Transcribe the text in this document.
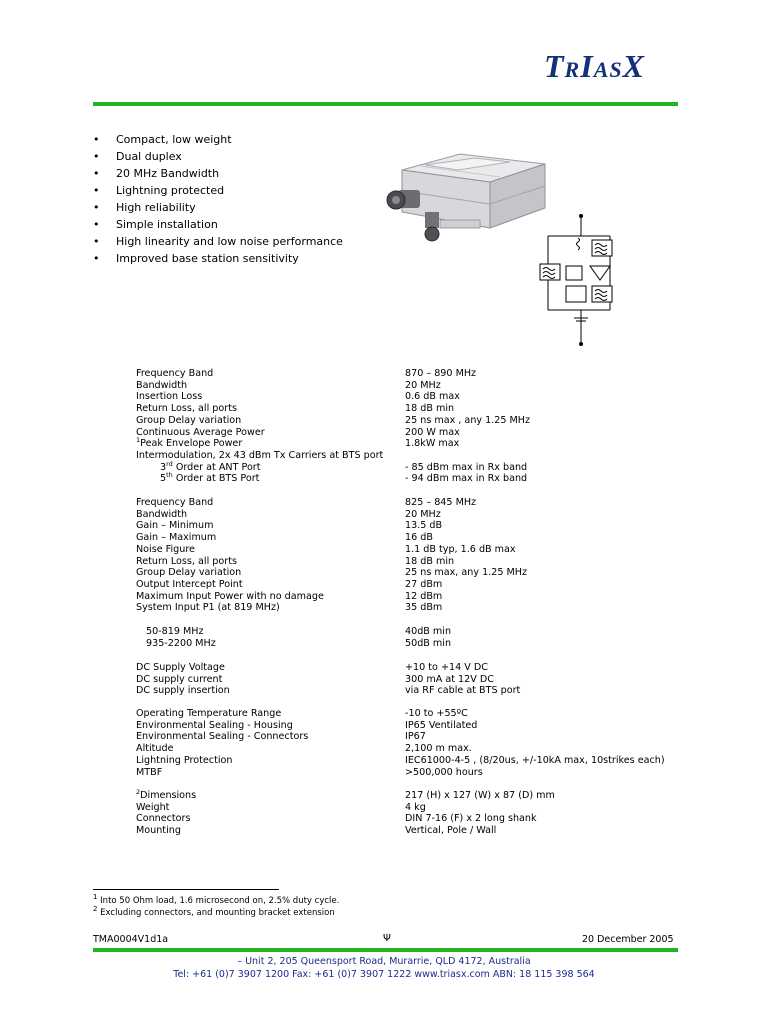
TRIASX
• Compact, low weight
• Dual duplex
• 20 MHz Bandwidth
• Lightning protected
• High reliability
• Simple installation
• High linearity and low noise performance
• Improved base station sensitivity
Frequency Band	870 – 890 MHz
Bandwidth	20 MHz
Insertion Loss	0.6 dB max
Return Loss, all ports	18 dB min
Group Delay variation	25 ns max , any 1.25 MHz
Continuous Average Power	200 W max
$^1$Peak Envelope Power	1.8kW max
Intermodulation, 2x 43 dBm Tx Carriers at BTS port
3rd Order at ANT Port	- 85 dBm max in Rx band
5th Order at BTS Port	- 94 dBm max in Rx band
Frequency Band	825 – 845 MHz
Bandwidth	20 MHz
Gain – Minimum	13.5 dB
Gain – Maximum	16 dB
Noise Figure	1.1 dB typ, 1.6 dB max
Return Loss, all ports	18 dB min
Group Delay variation	25 ns max, any 1.25 MHz
Output Intercept Point	27 dBm
Maximum Input Power with no damage	12 dBm
System Input P1 (at 819 MHz)	35 dBm
50-819 MHz	40dB min
935-2200 MHz	50dB min
DC Supply Voltage	+10 to +14 V DC
DC supply current	300 mA at 12V DC
DC supply insertion	via RF cable at BTS port
Operating Temperature Range	-10 to +55ºC
Environmental Sealing - Housing	IP65 Ventilated
Environmental Sealing - Connectors	IP67
Altitude	2,100 m max.
Lightning Protection	IEC61000-4-5 , (8/20us, +/-10kA max, 10strikes each)
MTBF	>500,000 hours
$^2$Dimensions	217 (H) x 127 (W) x 87 (D) mm
Weight	4 kg
Connectors	DIN 7-16 (F) x 2 long shank
Mounting	Vertical, Pole / Wall
$^1$ Into 50 Ohm load, 1.6 microsecond on, 2.5% duty cycle.
$^2$ Excluding connectors, and mounting bracket extension
TMA0004V1d1a	Ψ	20 December 2005
– Unit 2, 205 Queensport Road, Murarrie, QLD 4172, Australia
Tel: +61 (0)7 3907 1200 Fax: +61 (0)7 3907 1222 www.triasx.com ABN: 18 115 398 564
